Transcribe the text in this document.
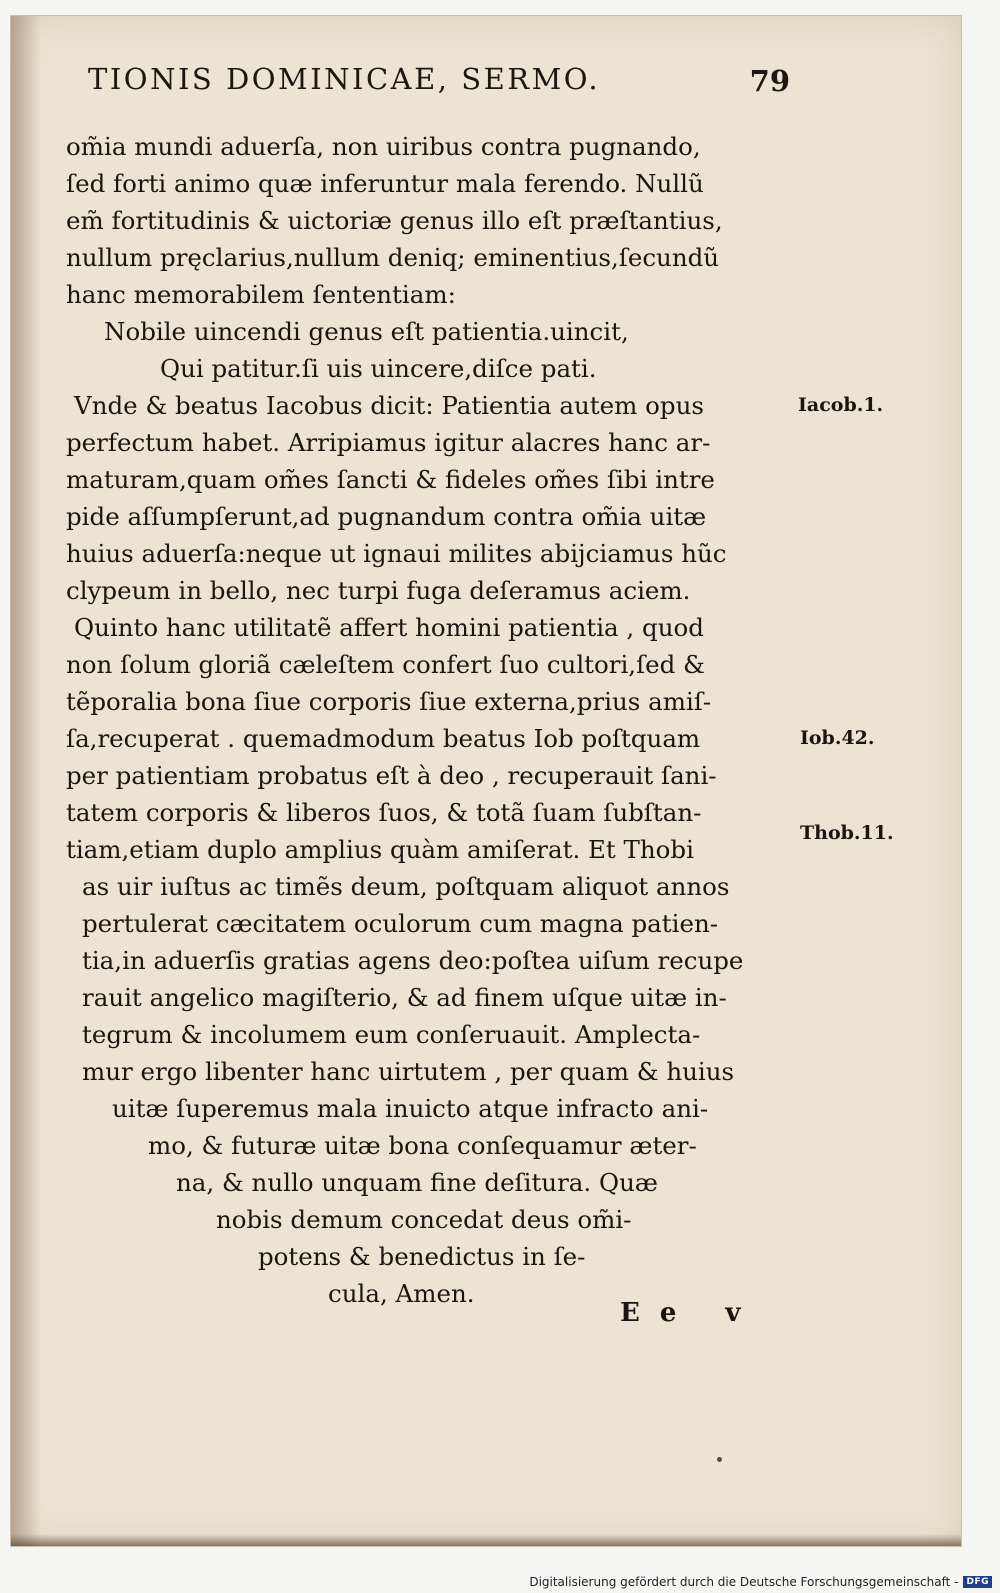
TIONIS DOMINICAE, SERMO.	79
om̃ia mundi aduerſa, non uiribus contra pugnando,
ſed forti animo quæ inferuntur mala ferendo. Nullũ
em̃ fortitudinis & uictoriæ genus illo eſt præſtantius,
nullum pręclarius,nullum deniq; eminentius,ſecundũ
hanc memorabilem ſententiam:
Nobile uincendi genus eſt patientia.uincit,
Qui patitur.ſi uis uincere,diſce pati.
Vnde & beatus Iacobus dicit: Patientia autem opus
perfectum habet. Arripiamus igitur alacres hanc ar-
maturam,quam om̃es ſancti & fideles om̃es ſibi intre
pide aſſumpſerunt,ad pugnandum contra om̃ia uitæ
huius aduerſa:neque ut ignaui milites abijciamus hũc
clypeum in bello, nec turpi fuga deſeramus aciem.
Quinto hanc utilitatẽ affert homini patientia , quod
non ſolum gloriã cæleſtem confert ſuo cultori,ſed &
tẽporalia bona ſiue corporis ſiue externa,prius amiſ-
ſa,recuperat . quemadmodum beatus Iob poſtquam
per patientiam probatus eſt à deo , recuperauit ſani-
tatem corporis & liberos ſuos, & totã ſuam ſubſtan-
tiam,etiam duplo amplius quàm amiſerat. Et Thobi
as uir iuſtus ac timẽs deum, poſtquam aliquot annos
pertulerat cæcitatem oculorum cum magna patien-
tia,in aduerſis gratias agens deo:poſtea uiſum recupe
rauit angelico magiſterio, & ad finem uſque uitæ in-
tegrum & incolumem eum conſeruauit. Amplecta-
mur ergo libenter hanc uirtutem , per quam & huius
uitæ ſuperemus mala inuicto atque infracto ani-
mo, & futuræ uitæ bona conſequamur æter-
na, & nullo unquam fine deſitura. Quæ
nobis demum concedat deus om̃i-
potens & benedictus in ſe-
cula, Amen.
Iacob.1.
Iob.42.
Thob.11.
Ee v
Digitalisierung gefördert durch die Deutsche Forschungsgemeinschaft - DFG
